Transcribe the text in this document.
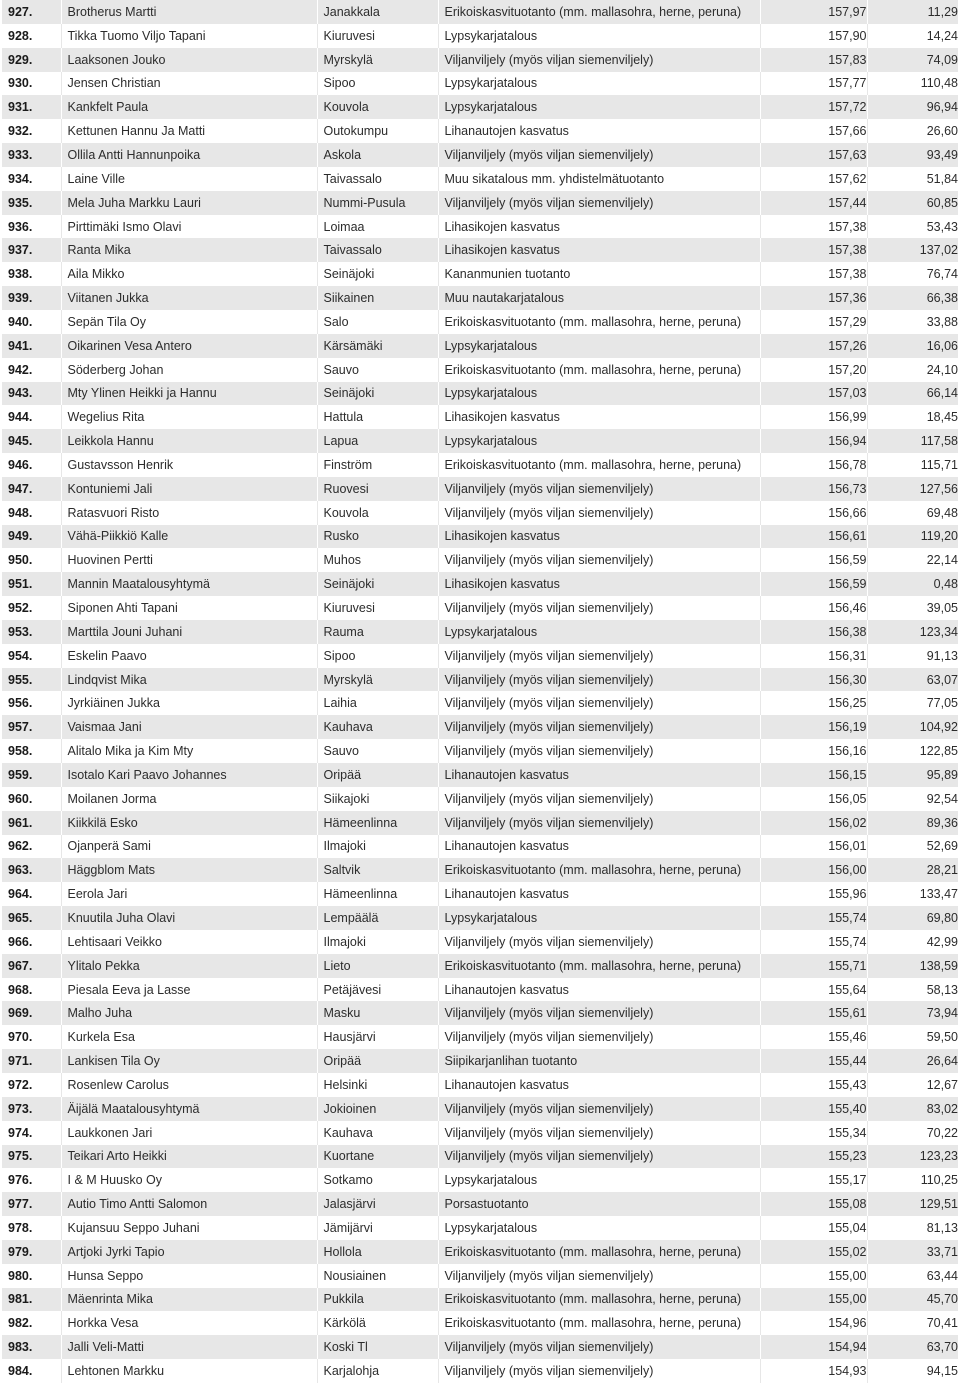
927.	Brotherus Martti	Janakkala	Erikoiskasvituotanto (mm. mallasohra, herne, peruna)	157,97	11,29
928.	Tikka Tuomo Viljo Tapani	Kiuruvesi	Lypsykarjatalous	157,90	14,24
929.	Laaksonen Jouko	Myrskylä	Viljanviljely (myös viljan siemenviljely)	157,83	74,09
930.	Jensen Christian	Sipoo	Lypsykarjatalous	157,77	110,48
931.	Kankfelt Paula	Kouvola	Lypsykarjatalous	157,72	96,94
932.	Kettunen Hannu Ja Matti	Outokumpu	Lihanautojen kasvatus	157,66	26,60
933.	Ollila Antti Hannunpoika	Askola	Viljanviljely (myös viljan siemenviljely)	157,63	93,49
934.	Laine Ville	Taivassalo	Muu sikatalous mm. yhdistelmätuotanto	157,62	51,84
935.	Mela Juha Markku Lauri	Nummi-Pusula	Viljanviljely (myös viljan siemenviljely)	157,44	60,85
936.	Pirttimäki Ismo Olavi	Loimaa	Lihasikojen kasvatus	157,38	53,43
937.	Ranta Mika	Taivassalo	Lihasikojen kasvatus	157,38	137,02
938.	Aila Mikko	Seinäjoki	Kananmunien tuotanto	157,38	76,74
939.	Viitanen Jukka	Siikainen	Muu nautakarjatalous	157,36	66,38
940.	Sepän Tila Oy	Salo	Erikoiskasvituotanto (mm. mallasohra, herne, peruna)	157,29	33,88
941.	Oikarinen Vesa Antero	Kärsämäki	Lypsykarjatalous	157,26	16,06
942.	Söderberg Johan	Sauvo	Erikoiskasvituotanto (mm. mallasohra, herne, peruna)	157,20	24,10
943.	Mty Ylinen Heikki ja Hannu	Seinäjoki	Lypsykarjatalous	157,03	66,14
944.	Wegelius Rita	Hattula	Lihasikojen kasvatus	156,99	18,45
945.	Leikkola Hannu	Lapua	Lypsykarjatalous	156,94	117,58
946.	Gustavsson Henrik	Finström	Erikoiskasvituotanto (mm. mallasohra, herne, peruna)	156,78	115,71
947.	Kontuniemi Jali	Ruovesi	Viljanviljely (myös viljan siemenviljely)	156,73	127,56
948.	Ratasvuori Risto	Kouvola	Viljanviljely (myös viljan siemenviljely)	156,66	69,48
949.	Vähä-Piikkiö Kalle	Rusko	Lihasikojen kasvatus	156,61	119,20
950.	Huovinen Pertti	Muhos	Viljanviljely (myös viljan siemenviljely)	156,59	22,14
951.	Mannin Maatalousyhtymä	Seinäjoki	Lihasikojen kasvatus	156,59	0,48
952.	Siponen Ahti Tapani	Kiuruvesi	Viljanviljely (myös viljan siemenviljely)	156,46	39,05
953.	Marttila Jouni Juhani	Rauma	Lypsykarjatalous	156,38	123,34
954.	Eskelin Paavo	Sipoo	Viljanviljely (myös viljan siemenviljely)	156,31	91,13
955.	Lindqvist Mika	Myrskylä	Viljanviljely (myös viljan siemenviljely)	156,30	63,07
956.	Jyrkiäinen Jukka	Laihia	Viljanviljely (myös viljan siemenviljely)	156,25	77,05
957.	Vaismaa Jani	Kauhava	Viljanviljely (myös viljan siemenviljely)	156,19	104,92
958.	Alitalo Mika ja Kim Mty	Sauvo	Viljanviljely (myös viljan siemenviljely)	156,16	122,85
959.	Isotalo Kari Paavo Johannes	Oripää	Lihanautojen kasvatus	156,15	95,89
960.	Moilanen Jorma	Siikajoki	Viljanviljely (myös viljan siemenviljely)	156,05	92,54
961.	Kiikkilä Esko	Hämeenlinna	Viljanviljely (myös viljan siemenviljely)	156,02	89,36
962.	Ojanperä Sami	Ilmajoki	Lihanautojen kasvatus	156,01	52,69
963.	Häggblom Mats	Saltvik	Erikoiskasvituotanto (mm. mallasohra, herne, peruna)	156,00	28,21
964.	Eerola Jari	Hämeenlinna	Lihanautojen kasvatus	155,96	133,47
965.	Knuutila Juha Olavi	Lempäälä	Lypsykarjatalous	155,74	69,80
966.	Lehtisaari Veikko	Ilmajoki	Viljanviljely (myös viljan siemenviljely)	155,74	42,99
967.	Ylitalo Pekka	Lieto	Erikoiskasvituotanto (mm. mallasohra, herne, peruna)	155,71	138,59
968.	Piesala Eeva ja Lasse	Petäjävesi	Lihanautojen kasvatus	155,64	58,13
969.	Malho Juha	Masku	Viljanviljely (myös viljan siemenviljely)	155,61	73,94
970.	Kurkela Esa	Hausjärvi	Viljanviljely (myös viljan siemenviljely)	155,46	59,50
971.	Lankisen Tila Oy	Oripää	Siipikarjanlihan tuotanto	155,44	26,64
972.	Rosenlew Carolus	Helsinki	Lihanautojen kasvatus	155,43	12,67
973.	Äijälä Maatalousyhtymä	Jokioinen	Viljanviljely (myös viljan siemenviljely)	155,40	83,02
974.	Laukkonen Jari	Kauhava	Viljanviljely (myös viljan siemenviljely)	155,34	70,22
975.	Teikari Arto Heikki	Kuortane	Viljanviljely (myös viljan siemenviljely)	155,23	123,23
976.	I & M Huusko Oy	Sotkamo	Lypsykarjatalous	155,17	110,25
977.	Autio Timo Antti Salomon	Jalasjärvi	Porsastuotanto	155,08	129,51
978.	Kujansuu Seppo Juhani	Jämijärvi	Lypsykarjatalous	155,04	81,13
979.	Artjoki Jyrki Tapio	Hollola	Erikoiskasvituotanto (mm. mallasohra, herne, peruna)	155,02	33,71
980.	Hunsa Seppo	Nousiainen	Viljanviljely (myös viljan siemenviljely)	155,00	63,44
981.	Mäenrinta Mika	Pukkila	Erikoiskasvituotanto (mm. mallasohra, herne, peruna)	155,00	45,70
982.	Horkka Vesa	Kärkölä	Erikoiskasvituotanto (mm. mallasohra, herne, peruna)	154,96	70,41
983.	Jalli Veli-Matti	Koski Tl	Viljanviljely (myös viljan siemenviljely)	154,94	63,70
984.	Lehtonen Markku	Karjalohja	Viljanviljely (myös viljan siemenviljely)	154,93	94,15
